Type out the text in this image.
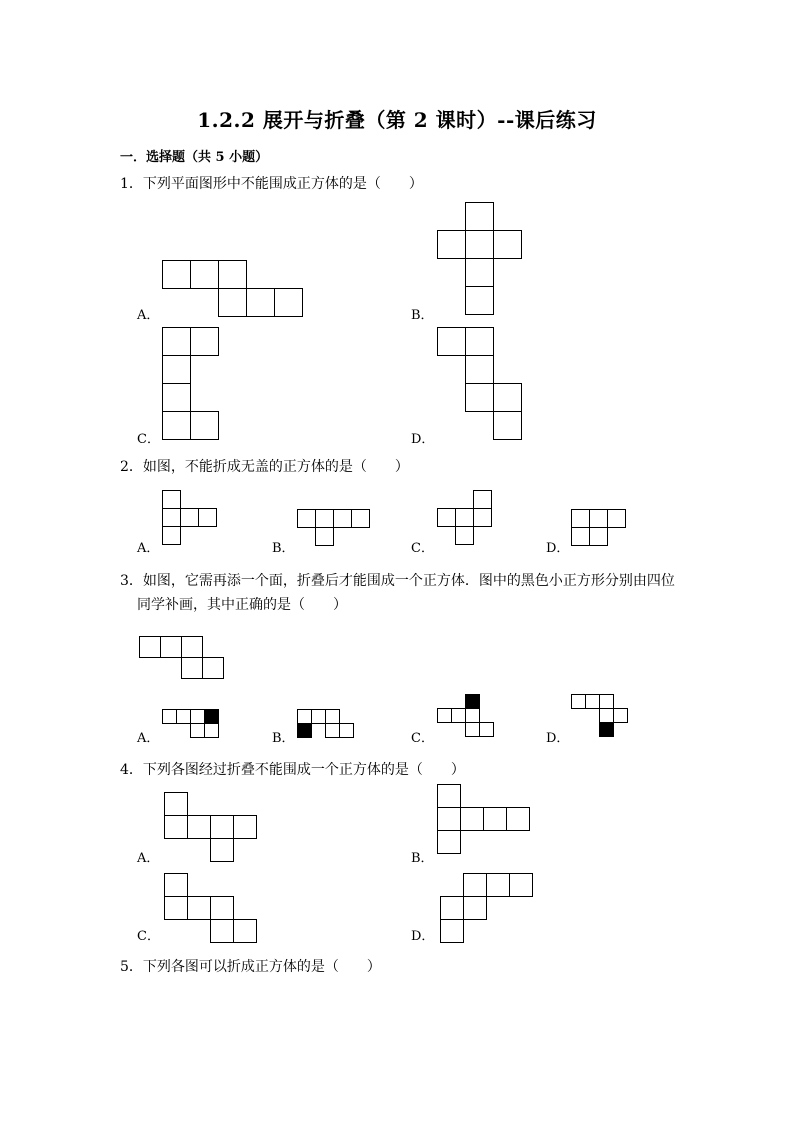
1.2.2 展开与折叠（第 2 课时）--课后练习
一．选择题（共 5 小题）
1．下列平面图形中不能围成正方体的是（　　）
A．	B．
C．	D．
2．如图，不能折成无盖的正方体的是（　　）
A．	B．	C．	D．
3．如图，它需再添一个面，折叠后才能围成一个正方体．图中的黑色小正方形分别由四位
同学补画，其中正确的是（　　）
A．	B．	C．	D．
4．下列各图经过折叠不能围成一个正方体的是（　　）
A．	B．
C．	D．
5．下列各图可以折成正方体的是（　　）
